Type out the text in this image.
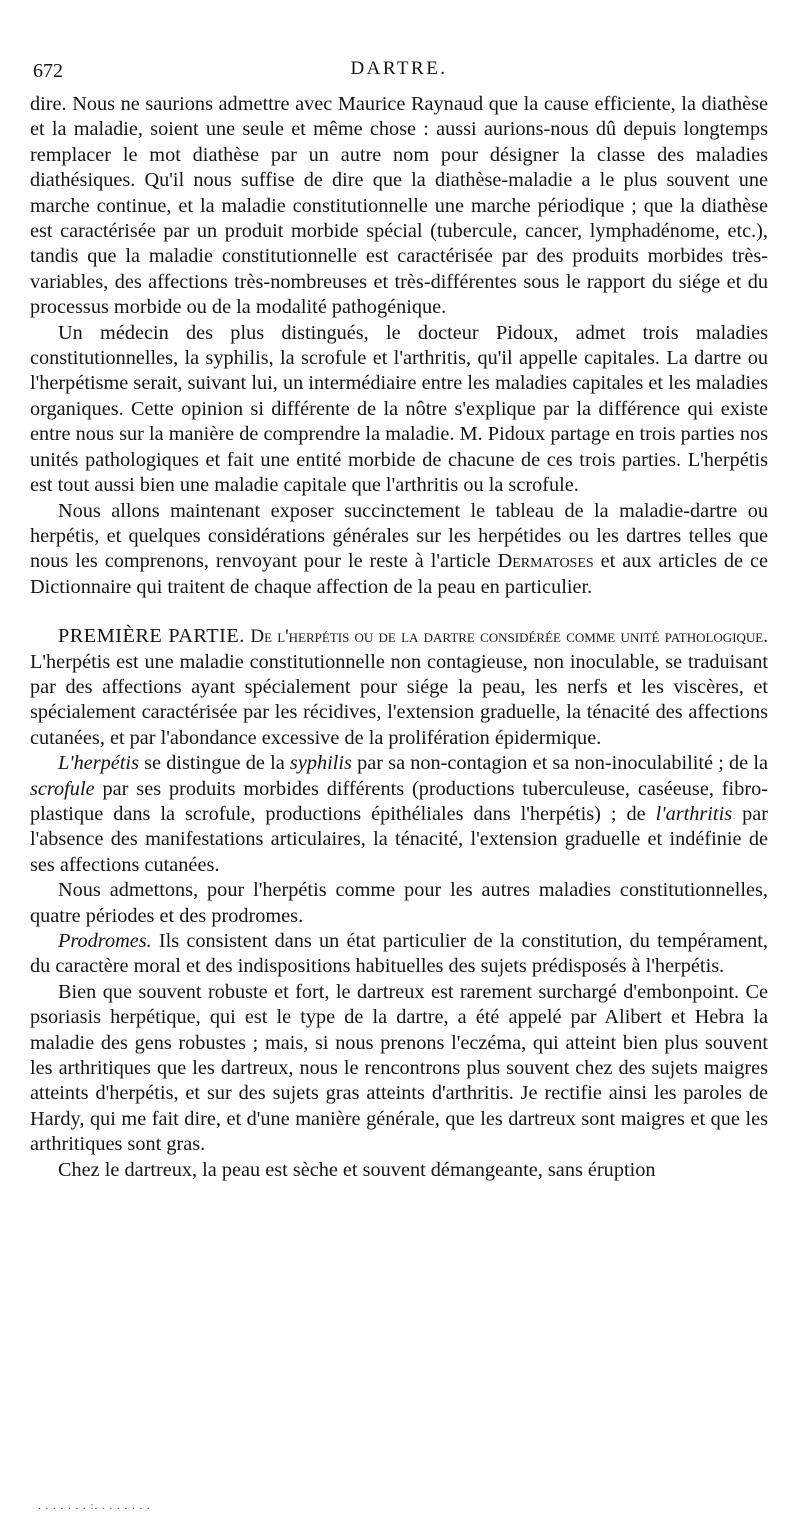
672	DARTRE.

dire. Nous ne saurions admettre avec Maurice Raynaud que la cause efficiente, la diathèse et la maladie, soient une seule et même chose : aussi aurions-nous dû depuis longtemps remplacer le mot diathèse par un autre nom pour désigner la classe des maladies diathésiques. Qu'il nous suffise de dire que la diathèse-maladie a le plus souvent une marche continue, et la maladie constitutionnelle une marche périodique ; que la diathèse est caractérisée par un produit morbide spécial (tubercule, cancer, lymphadénome, etc.), tandis que la maladie constitutionnelle est caractérisée par des produits morbides très-variables, des affections très-nombreuses et très-différentes sous le rapport du siége et du processus morbide ou de la modalité pathogénique.

Un médecin des plus distingués, le docteur Pidoux, admet trois maladies constitutionnelles, la syphilis, la scrofule et l'arthritis, qu'il appelle capitales. La dartre ou l'herpétisme serait, suivant lui, un intermédiaire entre les maladies capitales et les maladies organiques. Cette opinion si différente de la nôtre s'explique par la différence qui existe entre nous sur la manière de comprendre la maladie. M. Pidoux partage en trois parties nos unités pathologiques et fait une entité morbide de chacune de ces trois parties. L'herpétis est tout aussi bien une maladie capitale que l'arthritis ou la scrofule.

Nous allons maintenant exposer succinctement le tableau de la maladie-dartre ou herpétis, et quelques considérations générales sur les herpétides ou les dartres telles que nous les comprenons, renvoyant pour le reste à l'article Dermatoses et aux articles de ce Dictionnaire qui traitent de chaque affection de la peau en particulier.

PREMIÈRE PARTIE. De l'herpétis ou de la dartre considérée comme unité pathologique. L'herpétis est une maladie constitutionnelle non contagieuse, non inoculable, se traduisant par des affections ayant spécialement pour siége la peau, les nerfs et les viscères, et spécialement caractérisée par les récidives, l'extension graduelle, la ténacité des affections cutanées, et par l'abondance excessive de la prolifération épidermique.

L'herpétis se distingue de la syphilis par sa non-contagion et sa non-inoculabilité ; de la scrofule par ses produits morbides différents (productions tuberculeuse, caséeuse, fibro-plastique dans la scrofule, productions épithéliales dans l'herpétis) ; de l'arthritis par l'absence des manifestations articulaires, la ténacité, l'extension graduelle et indéfinie de ses affections cutanées.

Nous admettons, pour l'herpétis comme pour les autres maladies constitutionnelles, quatre périodes et des prodromes.

Prodromes. Ils consistent dans un état particulier de la constitution, du tempérament, du caractère moral et des indispositions habituelles des sujets prédisposés à l'herpétis.

Bien que souvent robuste et fort, le dartreux est rarement surchargé d'embonpoint. Ce psoriasis herpétique, qui est le type de la dartre, a été appelé par Alibert et Hebra la maladie des gens robustes ; mais, si nous prenons l'eczéma, qui atteint bien plus souvent les arthritiques que les dartreux, nous le rencontrons plus souvent chez des sujets maigres atteints d'herpétis, et sur des sujets gras atteints d'arthritis. Je rectifie ainsi les paroles de Hardy, qui me fait dire, et d'une manière générale, que les dartreux sont maigres et que les arthritiques sont gras.

Chez le dartreux, la peau est sèche et souvent démangeante, sans éruption

. . . . . . . :. . . . . . . .
